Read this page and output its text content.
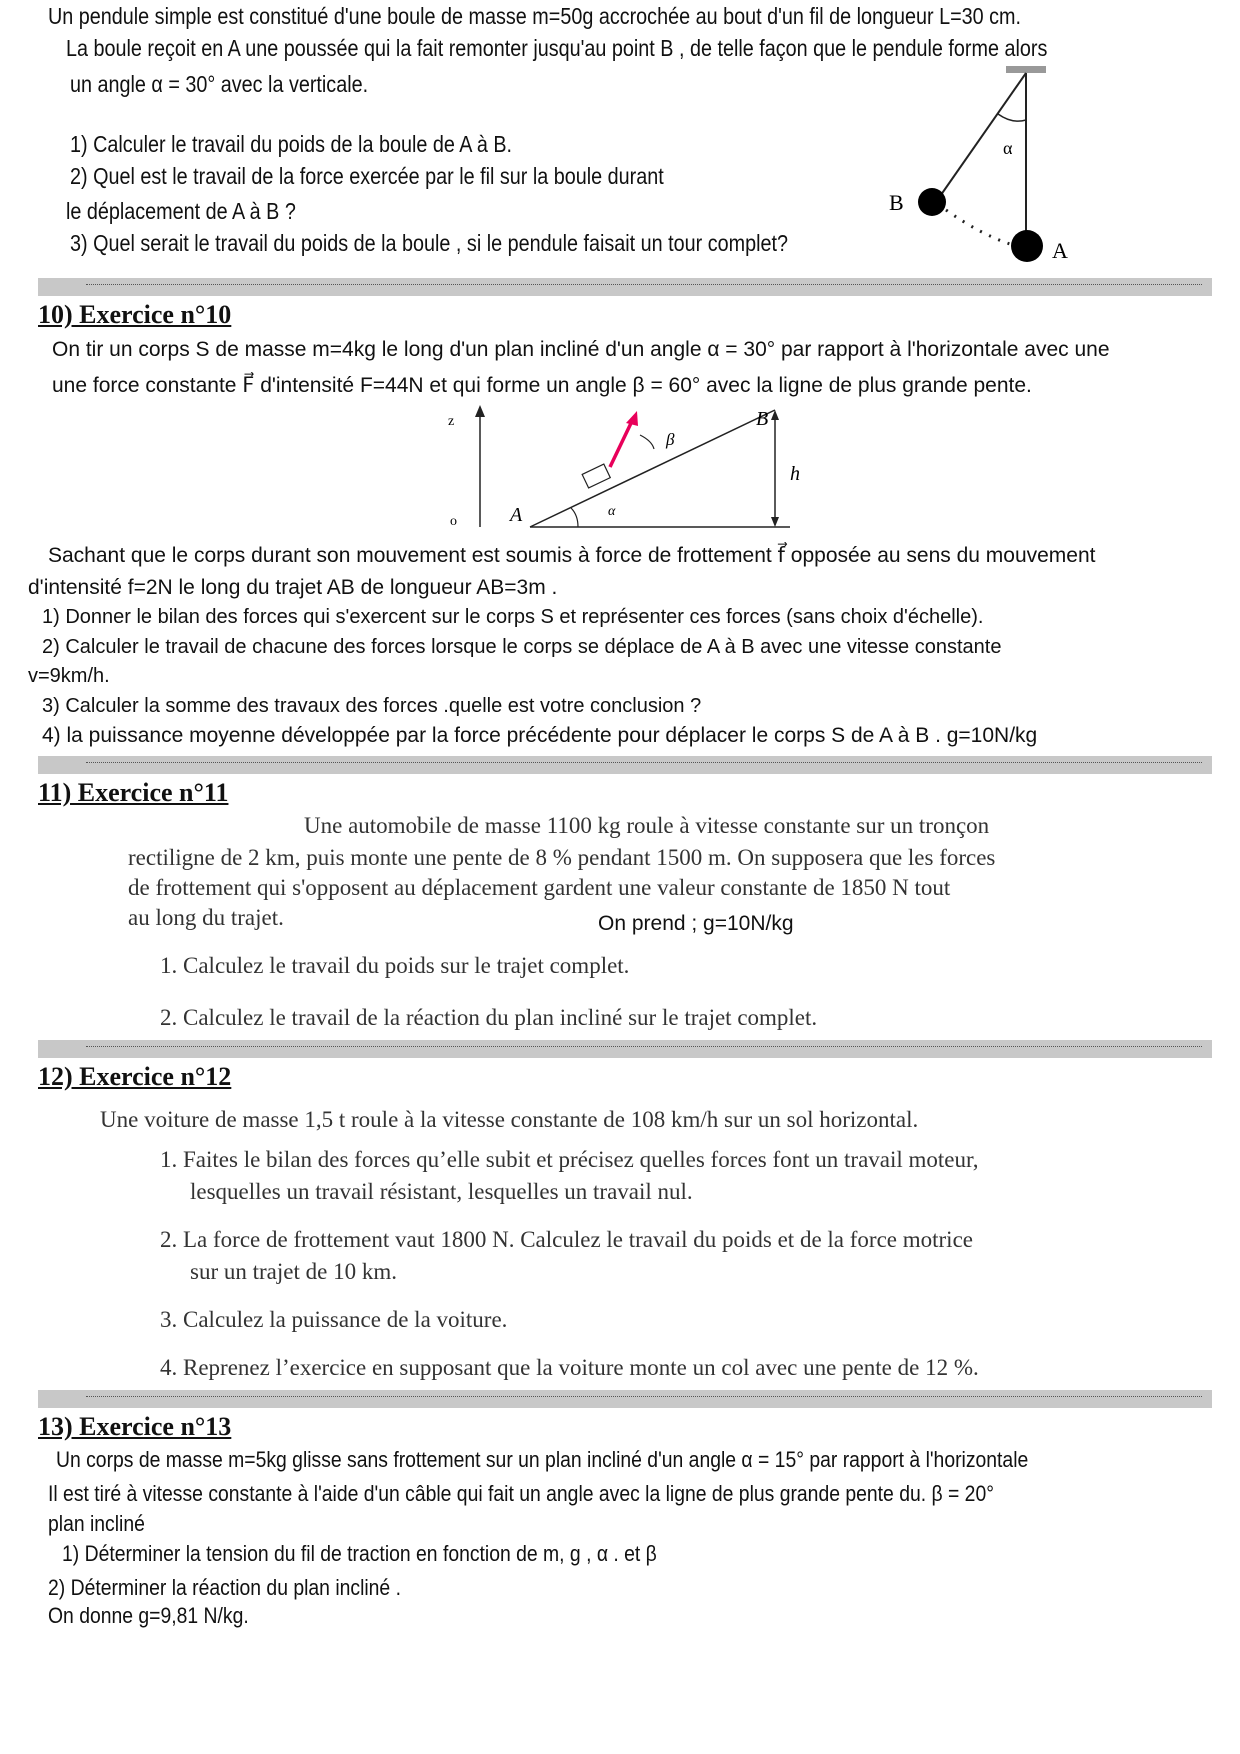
Un pendule simple est constitué d'une boule de masse m=50g accrochée au bout d'un fil de longueur L=30 cm.
La boule reçoit en A une poussée qui la fait remonter jusqu'au point B , de telle façon que le pendule forme alors
un angle α = 30° avec la verticale.
1) Calculer le travail du poids de la boule de A à B.
2) Quel est le travail de la force exercée par le fil sur la boule durant
le déplacement de A à B ?
3) Quel serait le travail du poids de la boule , si le pendule faisait un tour complet?
α
B
A
10) Exercice n°10
On tir un corps S de masse m=4kg le long d'un plan incliné d'un angle α = 30° par rapport à l'horizontale avec une
une force constante F⃗ d'intensité F=44N et qui forme un angle β = 60° avec la ligne de plus grande pente.
z
o
h
α
A
B
β
Sachant que le corps durant son mouvement est soumis à force de frottement f⃗ opposée au sens du mouvement
d'intensité f=2N le long du trajet AB de longueur AB=3m .
1) Donner le bilan des forces qui s'exercent sur le corps S et représenter ces forces (sans choix d'échelle).
2) Calculer le travail de chacune des forces lorsque le corps se déplace de A à B avec une vitesse constante
v=9km/h.
3) Calculer la somme des travaux des forces .quelle est votre conclusion ?
4) la puissance moyenne développée par la force précédente pour déplacer le corps S de A à B . g=10N/kg
11) Exercice n°11
Une automobile de masse 1100 kg roule à vitesse constante sur un tronçon
rectiligne de 2 km, puis monte une pente de 8 % pendant 1500 m. On supposera que les forces
de frottement qui s'opposent au déplacement gardent une valeur constante de 1850 N tout
au long du trajet.	On prend ; g=10N/kg
1. Calculez le travail du poids sur le trajet complet.
2. Calculez le travail de la réaction du plan incliné sur le trajet complet.
12) Exercice n°12
Une voiture de masse 1,5 t roule à la vitesse constante de 108 km/h sur un sol horizontal.
1. Faites le bilan des forces qu’elle subit et précisez quelles forces font un travail moteur,
lesquelles un travail résistant, lesquelles un travail nul.
2. La force de frottement vaut 1800 N. Calculez le travail du poids et de la force motrice
sur un trajet de 10 km.
3. Calculez la puissance de la voiture.
4. Reprenez l’exercice en supposant que la voiture monte un col avec une pente de 12 %.
13) Exercice n°13
Un corps de masse m=5kg glisse sans frottement sur un plan incliné d'un angle α = 15° par rapport à l'horizontale
Il est tiré à vitesse constante à l'aide d'un câble qui fait un angle avec la ligne de plus grande pente du. β = 20°
plan incliné
1) Déterminer la tension du fil de traction en fonction de m, g , α . et β
2) Déterminer la réaction du plan incliné .
On donne g=9,81 N/kg.
